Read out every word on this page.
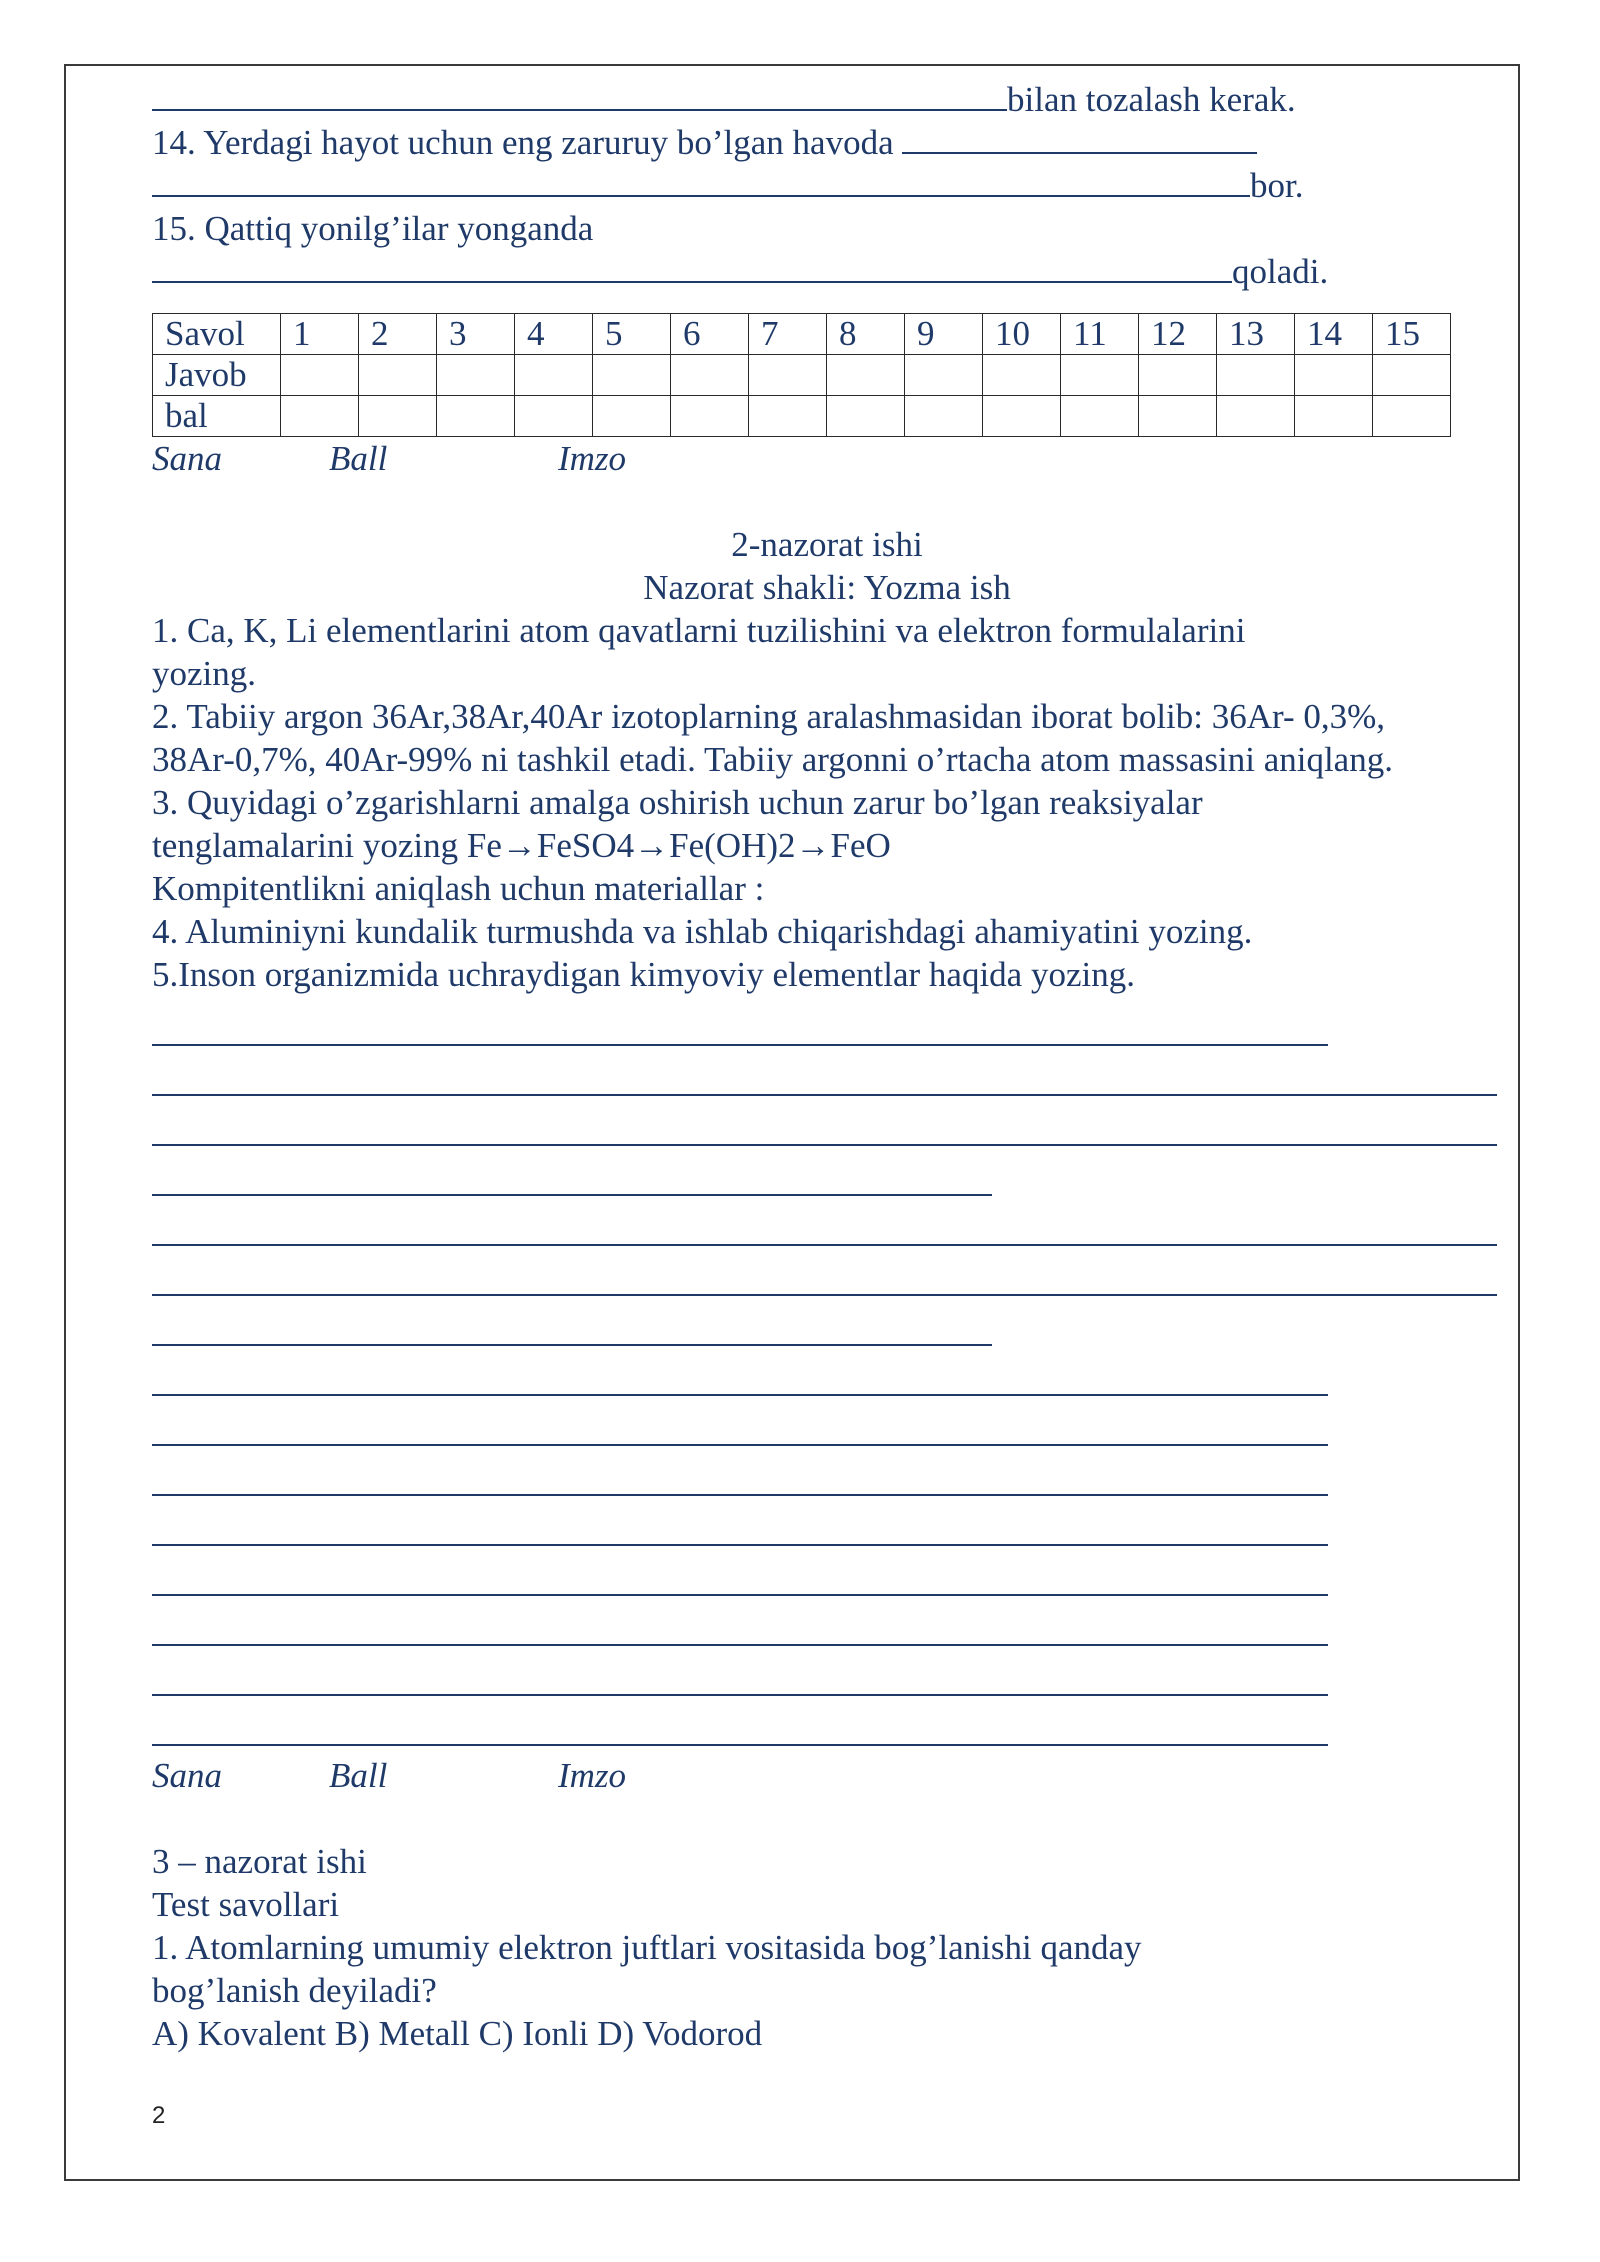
bilan tozalash kerak.
14. Yerdagi hayot uchun eng zaruruy bo’lgan havoda
bor.
15. Qattiq yonilg’ilar yonganda
qoladi.
Savol	1	2	3	4	5	6	7	8	9	10	11	12	13	14	15
Javob															
bal															
Sana	Ball	Imzo
2-nazorat ishi
Nazorat shakli: Yozma ish
1. Ca, K, Li elementlarini atom qavatlarni tuzilishini va elektron formulalarini
yozing.
2. Tabiiy argon 36Ar,38Ar,40Ar izotoplarning aralashmasidan iborat bolib: 36Ar- 0,3%,
38Ar-0,7%, 40Ar-99% ni tashkil etadi. Tabiiy argonni o’rtacha atom massasini aniqlang.
3. Quyidagi o’zgarishlarni amalga oshirish uchun zarur bo’lgan reaksiyalar
tenglamalarini yozing Fe→FeSO4→Fe(OH)2→FeO
Kompitentlikni aniqlash uchun materiallar :
4. Aluminiyni kundalik turmushda va ishlab chiqarishdagi ahamiyatini yozing.
5.Inson organizmida uchraydigan kimyoviy elementlar haqida yozing.
Sana	Ball	Imzo
3 – nazorat ishi
Test savollari
1. Atomlarning umumiy elektron juftlari vositasida bog’lanishi qanday
bog’lanish deyiladi?
A) Kovalent B) Metall C) Ionli D) Vodorod
2
